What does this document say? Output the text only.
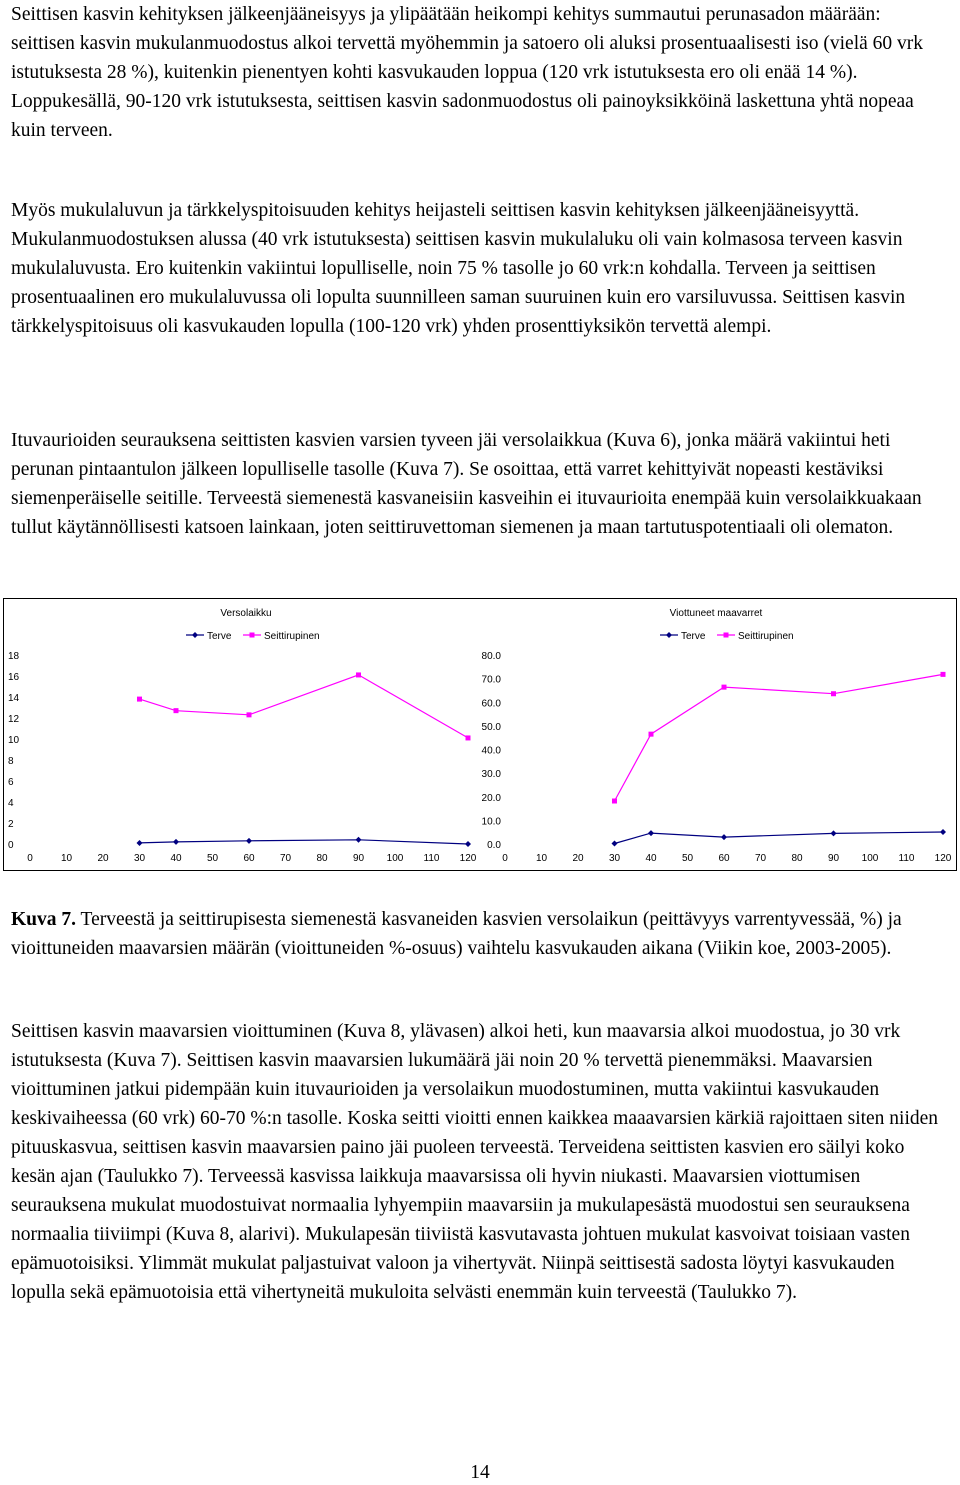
Seittisen kasvin kehityksen jälkeenjääneisyys ja ylipäätään heikompi kehitys summautui perunasadon määrään: seittisen kasvin mukulanmuodostus alkoi tervettä myöhemmin ja satoero oli aluksi prosentuaalisesti iso (vielä 60 vrk istutuksesta 28 %), kuitenkin pienentyen kohti kasvukauden loppua (120 vrk istutuksesta ero oli enää 14 %). Loppukesällä, 90-120 vrk istutuksesta, seittisen kasvin sadonmuodostus oli painoyksikköinä laskettuna yhtä nopeaa kuin terveen.

Myös mukulaluvun ja tärkkelyspitoisuuden kehitys heijasteli seittisen kasvin kehityksen jälkeenjääneisyyttä. Mukulanmuodostuksen alussa (40 vrk istutuksesta) seittisen kasvin mukulaluku oli vain kolmasosa terveen kasvin mukulaluvusta. Ero kuitenkin vakiintui lopulliselle, noin 75 % tasolle jo 60 vrk:n kohdalla. Terveen ja seittisen prosentuaalinen ero mukulaluvussa oli lopulta suunnilleen saman suuruinen kuin ero varsiluvussa. Seittisen kasvin tärkkelyspitoisuus oli kasvukauden lopulla (100-120 vrk) yhden prosenttiyksikön tervettä alempi.

Ituvaurioiden seurauksena seittisten kasvien varsien tyveen jäi versolaikkua (Kuva 6), jonka määrä vakiintui heti perunan pintaantulon jälkeen lopulliselle tasolle (Kuva 7). Se osoittaa, että varret kehittyivät nopeasti kestäviksi siemenperäiselle seitille. Terveestä siemenestä kasvaneisiin kasveihin ei ituvaurioita enempää kuin versolaikkuakaan tullut käytännöllisesti katsoen lainkaan, joten seittiruvettoman siemenen ja maan tartutuspotentiaali oli olematon.

Versolaikku
Terve	Seittirupinen
0
2
4
6
8
10
12
14
16
18
0	10	20	30	40	50	60	70	80	90 100 110 120
Viottuneet maavarret
Terve	Seittirupinen
0.0
10.0
20.0
30.0
40.0
50.0
60.0
70.0
80.0
0	10	20	30	40	50	60	70	80	90 100 110 120

Kuva 7. Terveestä ja seittirupisesta siemenestä kasvaneiden kasvien versolaikun (peittävyys varrentyvessää, %) ja vioittuneiden maavarsien määrän (vioittuneiden %-osuus) vaihtelu kasvukauden aikana (Viikin koe, 2003-2005).

Seittisen kasvin maavarsien vioittuminen (Kuva 8, ylävasen) alkoi heti, kun maavarsia alkoi muodostua, jo 30 vrk istutuksesta (Kuva 7). Seittisen kasvin maavarsien lukumäärä jäi noin 20 % tervettä pienemmäksi. Maavarsien vioittuminen jatkui pidempään kuin ituvaurioiden ja versolaikun muodostuminen, mutta vakiintui kasvukauden keskivaiheessa (60 vrk) 60-70 %:n tasolle. Koska seitti vioitti ennen kaikkea maaavarsien kärkiä rajoittaen siten niiden pituuskasvua, seittisen kasvin maavarsien paino jäi puoleen terveestä. Terveidena seittisten kasvien ero säilyi koko kesän ajan (Taulukko 7). Terveessä kasvissa laikkuja maavarsissa oli hyvin niukasti. Maavarsien viottumisen seurauksena mukulat muodostuivat normaalia lyhyempiin maavarsiin ja mukulapesästä muodostui sen seurauksena normaalia tiiviimpi (Kuva 8, alarivi). Mukulapesän tiiviistä kasvutavasta johtuen mukulat kasvoivat toisiaan vasten epämuotoisiksi. Ylimmät mukulat paljastuivat valoon ja vihertyvät. Niinpä seittisestä sadosta löytyi kasvukauden lopulla sekä epämuotoisia että vihertyneitä mukuloita selvästi enemmän kuin terveestä (Taulukko 7).

14
